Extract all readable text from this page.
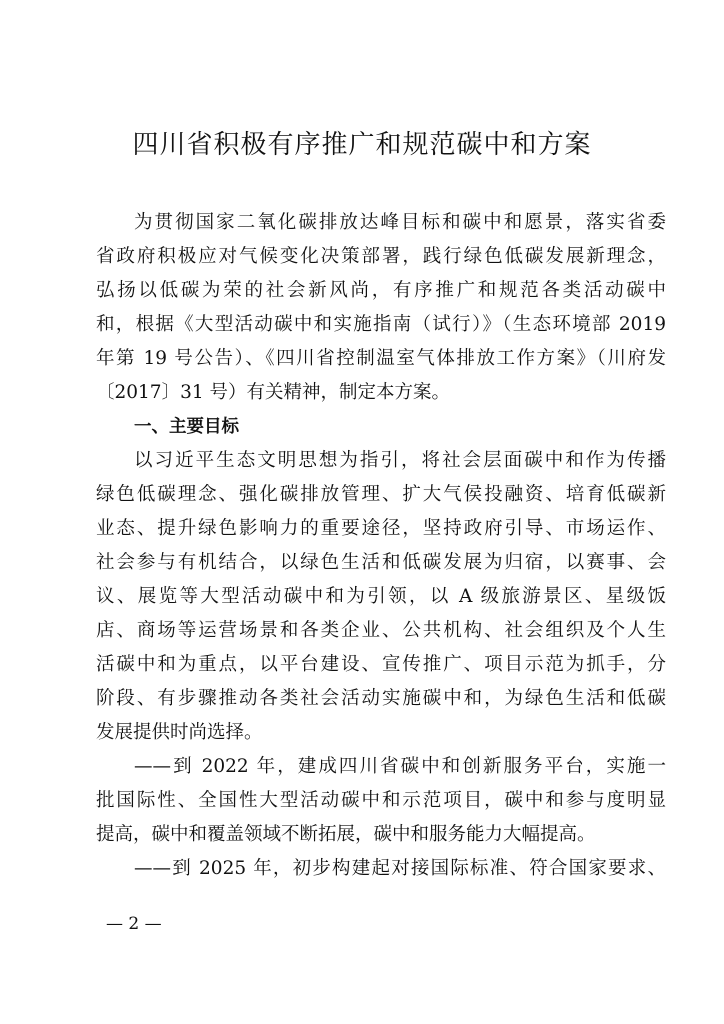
四川省积极有序推广和规范碳中和方案
为贯彻国家二氧化碳排放达峰目标和碳中和愿景，落实省委
省政府积极应对气候变化决策部署，践行绿色低碳发展新理念，
弘扬以低碳为荣的社会新风尚，有序推广和规范各类活动碳中
和，根据《大型活动碳中和实施指南（试行）》（生态环境部 2019
年第 19 号公告）、《四川省控制温室气体排放工作方案》（川府发
〔2017〕31 号）有关精神，制定本方案。
一、主要目标
以习近平生态文明思想为指引，将社会层面碳中和作为传播
绿色低碳理念、强化碳排放管理、扩大气侯投融资、培育低碳新
业态、提升绿色影响力的重要途径，坚持政府引导、市场运作、
社会参与有机结合，以绿色生活和低碳发展为归宿，以赛事、会
议、展览等大型活动碳中和为引领，以 A 级旅游景区、星级饭
店、商场等运营场景和各类企业、公共机构、社会组织及个人生
活碳中和为重点，以平台建设、宣传推广、项目示范为抓手，分
阶段、有步骤推动各类社会活动实施碳中和，为绿色生活和低碳
发展提供时尚选择。
——到 2022 年，建成四川省碳中和创新服务平台，实施一
批国际性、全国性大型活动碳中和示范项目，碳中和参与度明显
提高，碳中和覆盖领域不断拓展，碳中和服务能力大幅提高。
——到 2025 年，初步构建起对接国际标准、符合国家要求、
— 2 —
